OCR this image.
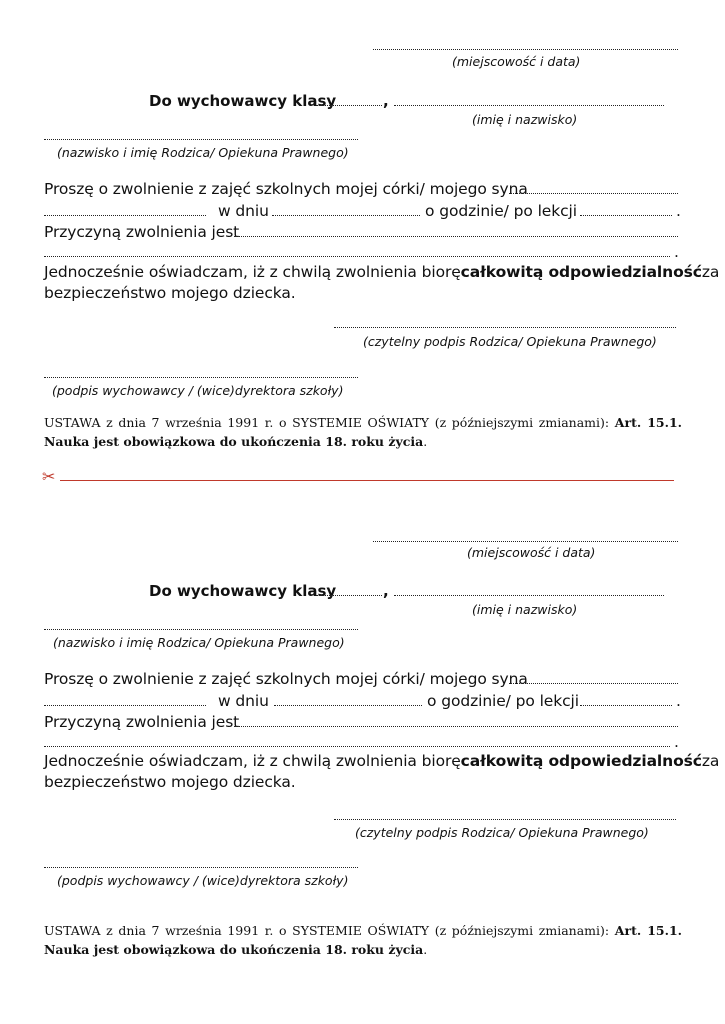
(miejscowość i data)
Do wychowawcy klasy	,
(imię i nazwisko)
(nazwisko i imię Rodzica/ Opiekuna Prawnego)
Proszę o zwolnienie z zajęć szkolnych mojej córki/ mojego syna
w dniu	o godzinie/ po lekcji	.
Przyczyną zwolnienia jest
.
Jednocześnie oświadczam, iż z chwilą zwolnienia biorę całkowitą odpowiedzialność za
bezpieczeństwo mojego dziecka.
(czytelny podpis Rodzica/ Opiekuna Prawnego)
(podpis wychowawcy / (wice)dyrektora szkoły)
USTAWA z dnia 7 września 1991 r. o SYSTEMIE OŚWIATY (z późniejszymi zmianami): Art. 15.1. Nauka jest obowiązkowa do ukończenia 18. roku życia.
✂
(miejscowość i data)
Do wychowawcy klasy	,
(imię i nazwisko)
(nazwisko i imię Rodzica/ Opiekuna Prawnego)
Proszę o zwolnienie z zajęć szkolnych mojej córki/ mojego syna
w dniu	o godzinie/ po lekcji	.
Przyczyną zwolnienia jest
.
Jednocześnie oświadczam, iż z chwilą zwolnienia biorę całkowitą odpowiedzialność za
bezpieczeństwo mojego dziecka.
(czytelny podpis Rodzica/ Opiekuna Prawnego)
(podpis wychowawcy / (wice)dyrektora szkoły)
USTAWA z dnia 7 września 1991 r. o SYSTEMIE OŚWIATY (z późniejszymi zmianami): Art. 15.1. Nauka jest obowiązkowa do ukończenia 18. roku życia.
